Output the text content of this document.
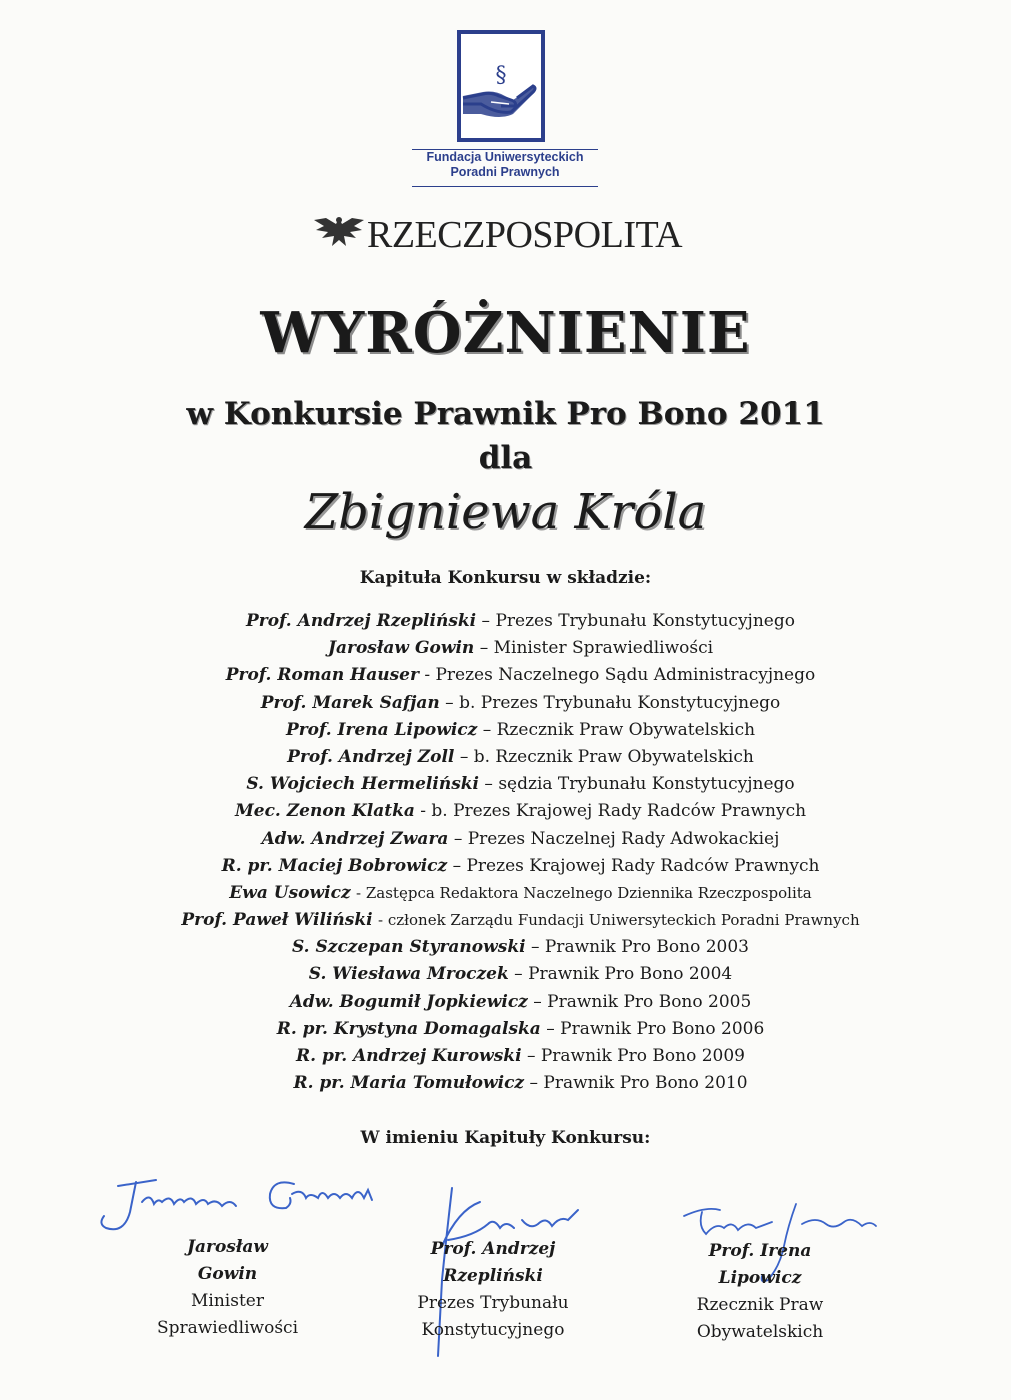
§
Fundacja Uniwersyteckich
Poradni Prawnych
RZECZPOSPOLITA
WYRÓŻNIENIE
w Konkursie Prawnik Pro Bono 2011
dla
Zbigniewa Króla
Kapituła Konkursu w składzie:
Prof. Andrzej Rzepliński – Prezes Trybunału Konstytucyjnego
Jarosław Gowin – Minister Sprawiedliwości
Prof. Roman Hauser - Prezes Naczelnego Sądu Administracyjnego
Prof. Marek Safjan – b. Prezes Trybunału Konstytucyjnego
Prof. Irena Lipowicz – Rzecznik Praw Obywatelskich
Prof. Andrzej Zoll – b. Rzecznik Praw Obywatelskich
S. Wojciech Hermeliński – sędzia Trybunału Konstytucyjnego
Mec. Zenon Klatka - b. Prezes Krajowej Rady Radców Prawnych
Adw. Andrzej Zwara – Prezes Naczelnej Rady Adwokackiej
R. pr. Maciej Bobrowicz – Prezes Krajowej Rady Radców Prawnych
Ewa Usowicz - Zastępca Redaktora Naczelnego Dziennika Rzeczpospolita
Prof. Paweł Wiliński - członek Zarządu Fundacji Uniwersyteckich Poradni Prawnych
S. Szczepan Styranowski – Prawnik Pro Bono 2003
S. Wiesława Mroczek – Prawnik Pro Bono 2004
Adw. Bogumił Jopkiewicz – Prawnik Pro Bono 2005
R. pr. Krystyna Domagalska – Prawnik Pro Bono 2006
R. pr. Andrzej Kurowski – Prawnik Pro Bono 2009
R. pr. Maria Tomułowicz – Prawnik Pro Bono 2010
W imieniu Kapituły Konkursu:
Jarosław
Gowin
Minister
Sprawiedliwości
Prof. Andrzej
Rzepliński
Prezes Trybunału
Konstytucyjnego
Prof. Irena
Lipowicz
Rzecznik Praw
Obywatelskich
